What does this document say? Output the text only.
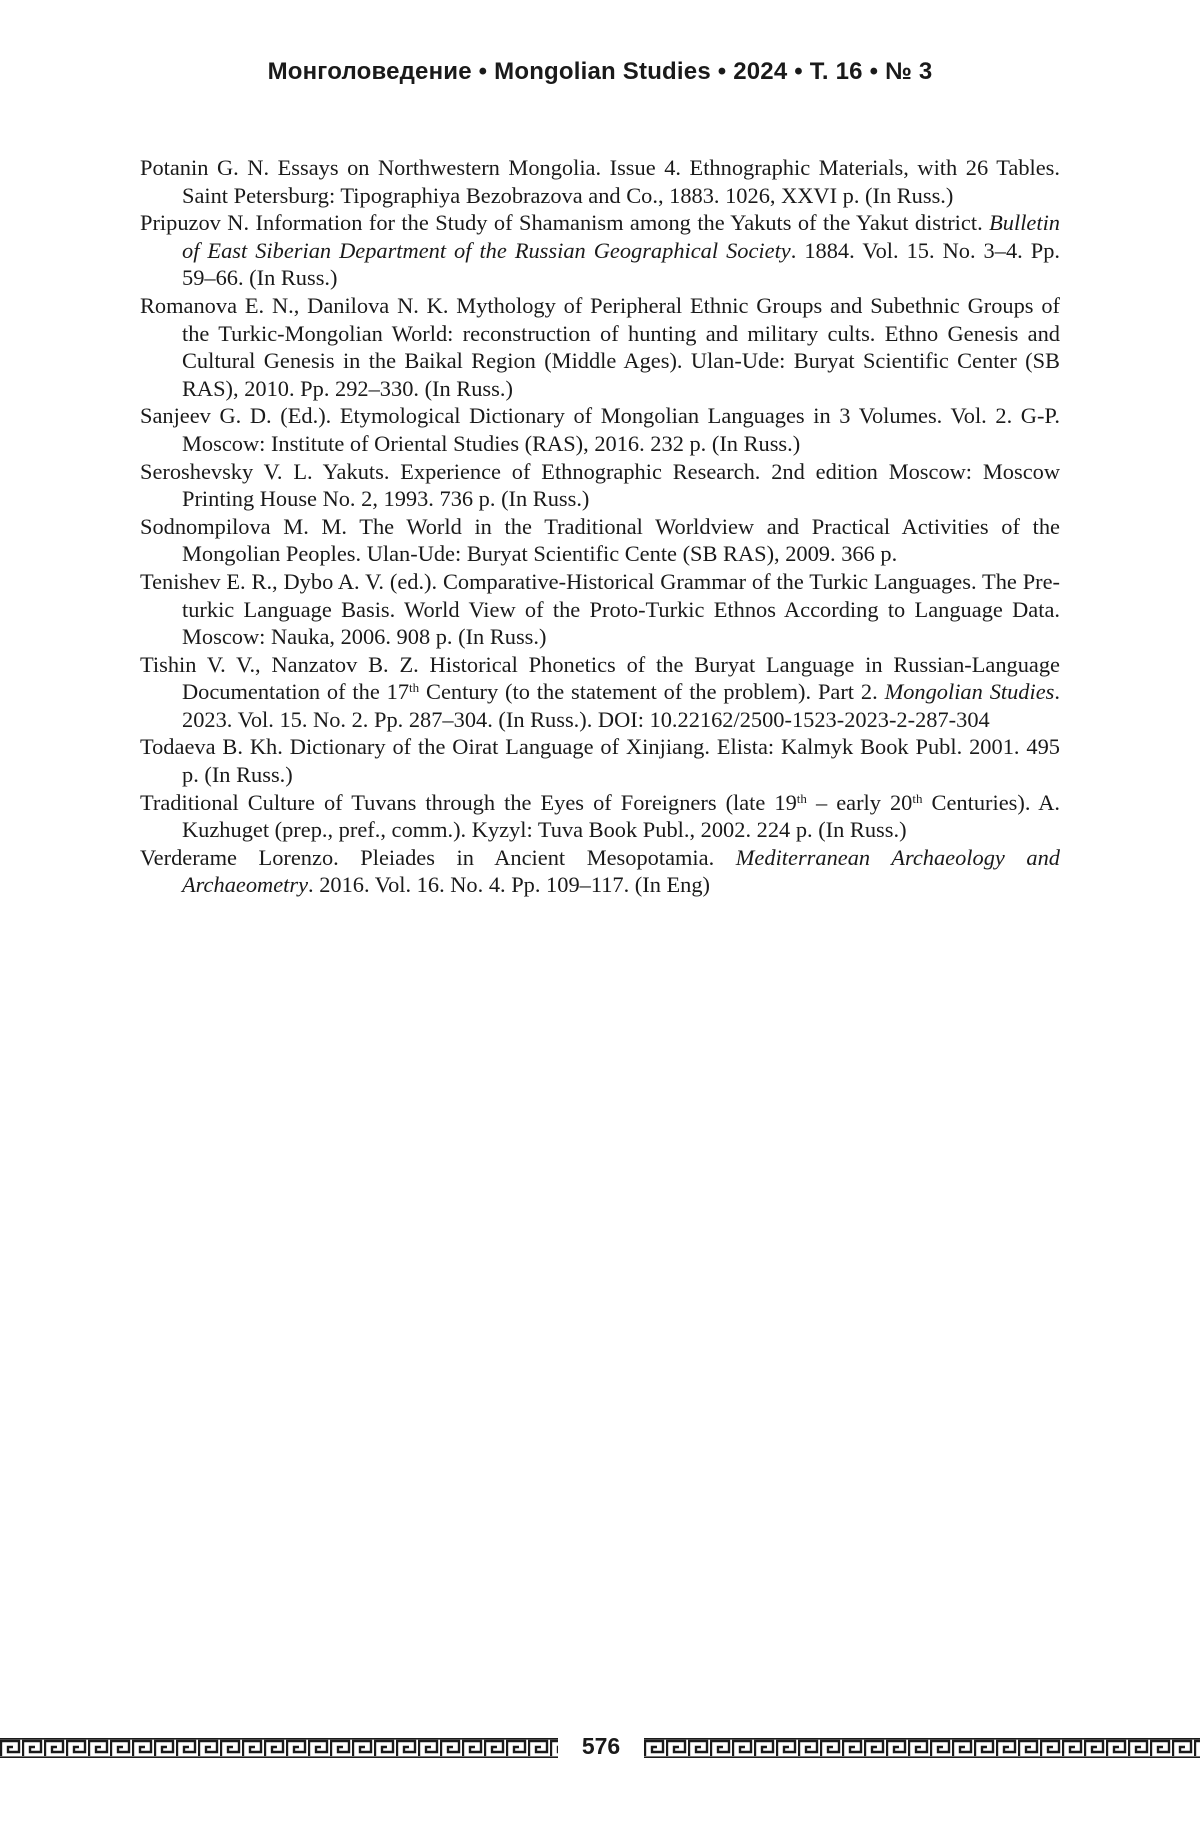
Монголоведение • Mongolian Studies • 2024 • Т. 16 • № 3

Potanin G. N. Essays on Northwestern Mongolia. Issue 4. Ethnographic Materials, with 26 Tables. Saint Petersburg: Tipographiya Bezobrazova and Co., 1883. 1026, XXVI p. (In Russ.)

Pripuzov N. Information for the Study of Shamanism among the Yakuts of the Yakut district. Bulletin of East Siberian Department of the Russian Geographical Society. 1884. Vol. 15. No. 3–4. Pp. 59–66. (In Russ.)

Romanova E. N., Danilova N. K. Mythology of Peripheral Ethnic Groups and Subethnic Groups of the Turkic-Mongolian World: reconstruction of hunting and military cults. Ethno Genesis and Cultural Genesis in the Baikal Region (Middle Ages). Ulan-Ude: Buryat Scientific Center (SB RAS), 2010. Pp. 292–330. (In Russ.)

Sanjeev G. D. (Ed.). Etymological Dictionary of Mongolian Languages in 3 Volumes. Vol. 2. G-P. Moscow: Institute of Oriental Studies (RAS), 2016. 232 p. (In Russ.)

Seroshevsky V. L. Yakuts. Experience of Ethnographic Research. 2nd edition Moscow: Moscow Printing House No. 2, 1993. 736 p. (In Russ.)

Sodnompilova M. M. The World in the Traditional Worldview and Practical Activities of the Mongolian Peoples. Ulan-Ude: Buryat Scientific Cente (SB RAS), 2009. 366 p.

Tenishev E. R., Dybo A. V. (ed.). Comparative-Historical Grammar of the Turkic Languages. The Pre-turkic Language Basis. World View of the Proto-Turkic Ethnos According to Language Data. Moscow: Nauka, 2006. 908 p. (In Russ.)

Tishin V. V., Nanzatov B. Z. Historical Phonetics of the Buryat Language in Russian-Language Documentation of the 17th Century (to the statement of the problem). Part 2. Mongolian Studies. 2023. Vol. 15. No. 2. Pp. 287–304. (In Russ.). DOI: 10.22162/2500-1523-2023-2-287-304

Todaeva B. Kh. Dictionary of the Oirat Language of Xinjiang. Elista: Kalmyk Book Publ. 2001. 495 p. (In Russ.)

Traditional Culture of Tuvans through the Eyes of Foreigners (late 19th – early 20th Centuries). A. Kuzhuget (prep., pref., comm.). Kyzyl: Tuva Book Publ., 2002. 224 p. (In Russ.)

Verderame Lorenzo. Pleiades in Ancient Mesopotamia. Mediterranean Archaeology and Archaeometry. 2016. Vol. 16. No. 4. Pp. 109–117. (In Eng)

576
